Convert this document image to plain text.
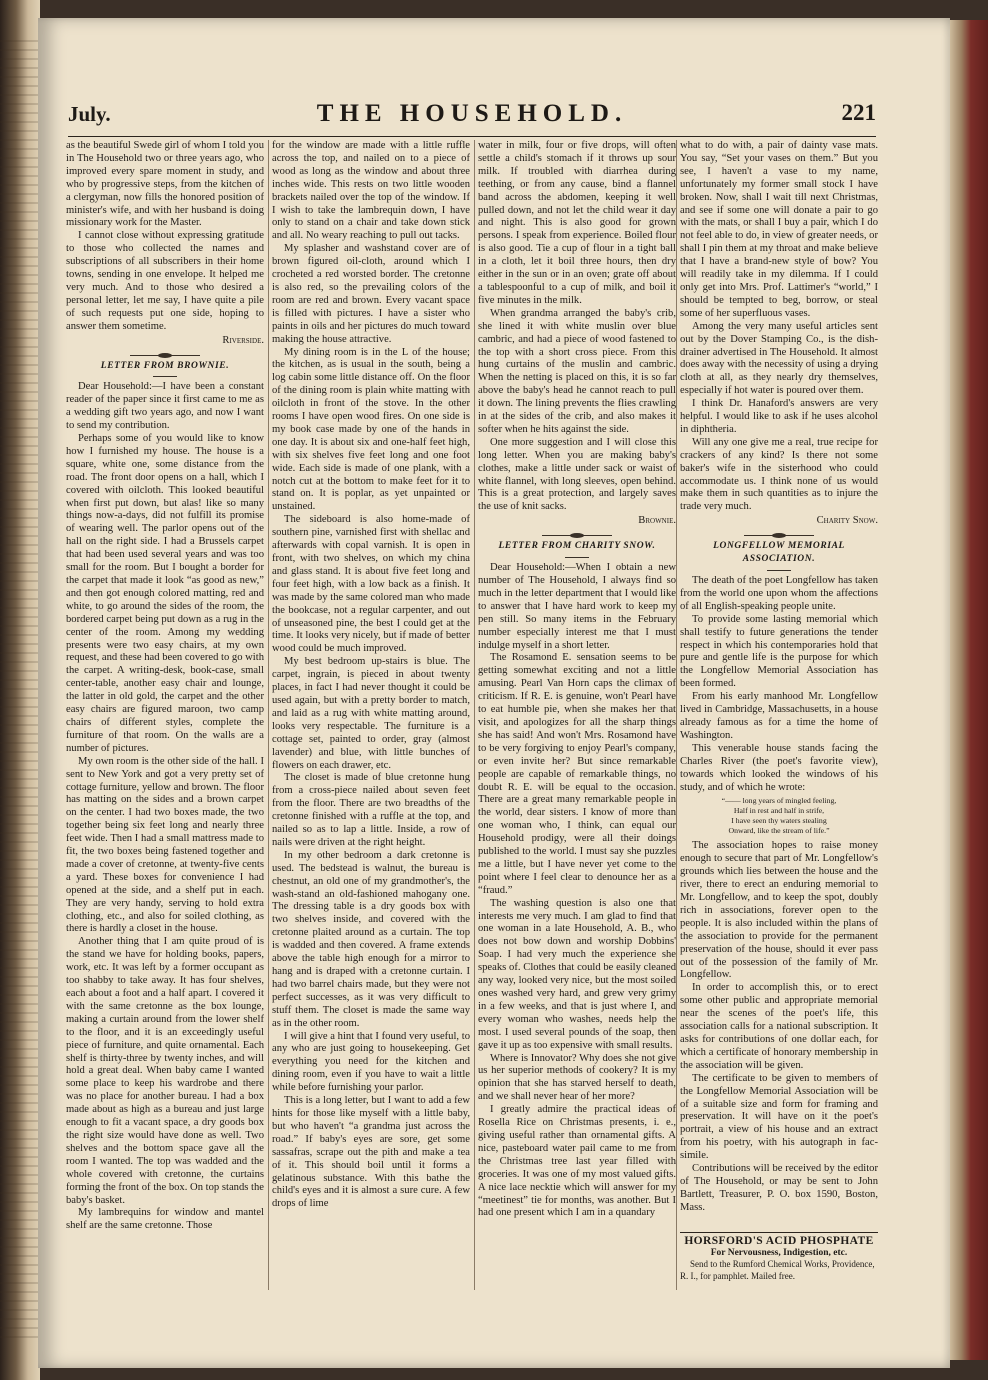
July.	THE HOUSEHOLD.	221

as the beautiful Swede girl of whom I told you in The Household two or three years ago, who improved every spare moment in study, and who by progressive steps, from the kitchen of a clergyman, now fills the honored position of minister's wife, and with her husband is doing missionary work for the Master.

I cannot close without expressing gratitude to those who collected the names and subscriptions of all subscribers in their home towns, sending in one envelope. It helped me very much. And to those who desired a personal letter, let me say, I have quite a pile of such requests put one side, hoping to answer them sometime.

Riverside.
LETTER FROM BROWNIE.

Dear Household:—I have been a constant reader of the paper since it first came to me as a wedding gift two years ago, and now I want to send my contribution.

Perhaps some of you would like to know how I furnished my house. The house is a square, white one, some distance from the road. The front door opens on a hall, which I covered with oilcloth. This looked beautiful when first put down, but alas! like so many things now-a-days, did not fulfill its promise of wearing well. The parlor opens out of the hall on the right side. I had a Brussels carpet that had been used several years and was too small for the room. But I bought a border for the carpet that made it look “as good as new,” and then got enough colored matting, red and white, to go around the sides of the room, the bordered carpet being put down as a rug in the center of the room. Among my wedding presents were two easy chairs, at my own request, and these had been covered to go with the carpet. A writing-desk, book-case, small center-table, another easy chair and lounge, the latter in old gold, the carpet and the other easy chairs are figured maroon, two camp chairs of different styles, complete the furniture of that room. On the walls are a number of pictures.

My own room is the other side of the hall. I sent to New York and got a very pretty set of cottage furniture, yellow and brown. The floor has matting on the sides and a brown carpet on the center. I had two boxes made, the two together being six feet long and nearly three feet wide. Then I had a small mattress made to fit, the two boxes being fastened together and made a cover of cretonne, at twenty-five cents a yard. These boxes for convenience I had opened at the side, and a shelf put in each. They are very handy, serving to hold extra clothing, etc., and also for soiled clothing, as there is hardly a closet in the house.

Another thing that I am quite proud of is the stand we have for holding books, papers, work, etc. It was left by a former occupant as too shabby to take away. It has four shelves, each about a foot and a half apart. I covered it with the same cretonne as the box lounge, making a curtain around from the lower shelf to the floor, and it is an exceedingly useful piece of furniture, and quite ornamental. Each shelf is thirty-three by twenty inches, and will hold a great deal. When baby came I wanted some place to keep his wardrobe and there was no place for another bureau. I had a box made about as high as a bureau and just large enough to fit a vacant space, a dry goods box the right size would have done as well. Two shelves and the bottom space gave all the room I wanted. The top was wadded and the whole covered with cretonne, the curtains forming the front of the box. On top stands the baby's basket.

My lambrequins for window and mantel shelf are the same cretonne. Those

for the window are made with a little ruffle across the top, and nailed on to a piece of wood as long as the window and about three inches wide. This rests on two little wooden brackets nailed over the top of the window. If I wish to take the lambrequin down, I have only to stand on a chair and take down stick and all. No weary reaching to pull out tacks.

My splasher and washstand cover are of brown figured oil-cloth, around which I crocheted a red worsted border. The cretonne is also red, so the prevailing colors of the room are red and brown. Every vacant space is filled with pictures. I have a sister who paints in oils and her pictures do much toward making the house attractive.

My dining room is in the L of the house; the kitchen, as is usual in the south, being a log cabin some little distance off. On the floor of the dining room is plain white matting with oilcloth in front of the stove. In the other rooms I have open wood fires. On one side is my book case made by one of the hands in one day. It is about six and one-half feet high, with six shelves five feet long and one foot wide. Each side is made of one plank, with a notch cut at the bottom to make feet for it to stand on. It is poplar, as yet unpainted or unstained.

The sideboard is also home-made of southern pine, varnished first with shellac and afterwards with copal varnish. It is open in front, with two shelves, on which my china and glass stand. It is about five feet long and four feet high, with a low back as a finish. It was made by the same colored man who made the bookcase, not a regular carpenter, and out of unseasoned pine, the best I could get at the time. It looks very nicely, but if made of better wood could be much improved.

My best bedroom up-stairs is blue. The carpet, ingrain, is pieced in about twenty places, in fact I had never thought it could be used again, but with a pretty border to match, and laid as a rug with white matting around, looks very respectable. The furniture is a cottage set, painted to order, gray (almost lavender) and blue, with little bunches of flowers on each drawer, etc.

The closet is made of blue cretonne hung from a cross-piece nailed about seven feet from the floor. There are two breadths of the cretonne finished with a ruffle at the top, and nailed so as to lap a little. Inside, a row of nails were driven at the right height.

In my other bedroom a dark cretonne is used. The bedstead is walnut, the bureau is chestnut, an old one of my grandmother's, the wash-stand an old-fashioned mahogany one. The dressing table is a dry goods box with two shelves inside, and covered with the cretonne plaited around as a curtain. The top is wadded and then covered. A frame extends above the table high enough for a mirror to hang and is draped with a cretonne curtain. I had two barrel chairs made, but they were not perfect successes, as it was very difficult to stuff them. The closet is made the same way as in the other room.

I will give a hint that I found very useful, to any who are just going to housekeeping. Get everything you need for the kitchen and dining room, even if you have to wait a little while before furnishing your parlor.

This is a long letter, but I want to add a few hints for those like myself with a little baby, but who haven't “a grandma just across the road.” If baby's eyes are sore, get some sassafras, scrape out the pith and make a tea of it. This should boil until it forms a gelatinous substance. With this bathe the child's eyes and it is almost a sure cure. A few drops of lime

water in milk, four or five drops, will often settle a child's stomach if it throws up sour milk. If troubled with diarrhea during teething, or from any cause, bind a flannel band across the abdomen, keeping it well pulled down, and not let the child wear it day and night. This is also good for grown persons. I speak from experience. Boiled flour is also good. Tie a cup of flour in a tight ball in a cloth, let it boil three hours, then dry either in the sun or in an oven; grate off about a tablespoonful to a cup of milk, and boil it five minutes in the milk.

When grandma arranged the baby's crib, she lined it with white muslin over blue cambric, and had a piece of wood fastened to the top with a short cross piece. From this hung curtains of the muslin and cambric. When the netting is placed on this, it is so far above the baby's head he cannot reach to pull it down. The lining prevents the flies crawling in at the sides of the crib, and also makes it softer when he hits against the side.

One more suggestion and I will close this long letter. When you are making baby's clothes, make a little under sack or waist of white flannel, with long sleeves, open behind. This is a great protection, and largely saves the use of knit sacks.

Brownie.
LETTER FROM CHARITY SNOW.

Dear Household:—When I obtain a new number of The Household, I always find so much in the letter department that I would like to answer that I have hard work to keep my pen still. So many items in the February number especially interest me that I must indulge myself in a short letter.

The Rosamond E. sensation seems to be getting somewhat exciting and not a little amusing. Pearl Van Horn caps the climax of criticism. If R. E. is genuine, won't Pearl have to eat humble pie, when she makes her that visit, and apologizes for all the sharp things she has said! And won't Mrs. Rosamond have to be very forgiving to enjoy Pearl's company, or even invite her? But since remarkable people are capable of remarkable things, no doubt R. E. will be equal to the occasion. There are a great many remarkable people in the world, dear sisters. I know of more than one woman who, I think, can equal our Household prodigy, were all their doings published to the world. I must say she puzzles me a little, but I have never yet come to the point where I feel clear to denounce her as a “fraud.”

The washing question is also one that interests me very much. I am glad to find that one woman in a late Household, A. B., who does not bow down and worship Dobbins' Soap. I had very much the experience she speaks of. Clothes that could be easily cleaned any way, looked very nice, but the most soiled ones washed very hard, and grew very grimy in a few weeks, and that is just where I, and every woman who washes, needs help the most. I used several pounds of the soap, then gave it up as too expensive with small results.

Where is Innovator? Why does she not give us her superior methods of cookery? It is my opinion that she has starved herself to death, and we shall never hear of her more?

I greatly admire the practical ideas of Rosella Rice on Christmas presents, i. e., giving useful rather than ornamental gifts. A nice, pasteboard water pail came to me from the Christmas tree last year filled with groceries. It was one of my most valued gifts. A nice lace necktie which will answer for my “meetinest” tie for months, was another. But I had one present which I am in a quandary

what to do with, a pair of dainty vase mats. You say, “Set your vases on them.” But you see, I haven't a vase to my name, unfortunately my former small stock I have broken. Now, shall I wait till next Christmas, and see if some one will donate a pair to go with the mats, or shall I buy a pair, which I do not feel able to do, in view of greater needs, or shall I pin them at my throat and make believe that I have a brand-new style of bow? You will readily take in my dilemma. If I could only get into Mrs. Prof. Lattimer's “world,” I should be tempted to beg, borrow, or steal some of her superfluous vases.

Among the very many useful articles sent out by the Dover Stamping Co., is the dish-drainer advertised in The Household. It almost does away with the necessity of using a drying cloth at all, as they nearly dry themselves, especially if hot water is poured over them.

I think Dr. Hanaford's answers are very helpful. I would like to ask if he uses alcohol in diphtheria.

Will any one give me a real, true recipe for crackers of any kind? Is there not some baker's wife in the sisterhood who could accommodate us. I think none of us would make them in such quantities as to injure the trade very much.

Charity Snow.
LONGFELLOW MEMORIAL ASSOCIATION.

The death of the poet Longfellow has taken from the world one upon whom the affections of all English-speaking people unite.

To provide some lasting memorial which shall testify to future generations the tender respect in which his contemporaries hold that pure and gentle life is the purpose for which the Longfellow Memorial Association has been formed.

From his early manhood Mr. Longfellow lived in Cambridge, Massachusetts, in a house already famous as for a time the home of Washington.

This venerable house stands facing the Charles River (the poet's favorite view), towards which looked the windows of his study, and of which he wrote:

“—— long years of mingled feeling,
Half in rest and half in strife,
I have seen thy waters stealing
Onward, like the stream of life.”

The association hopes to raise money enough to secure that part of Mr. Longfellow's grounds which lies between the house and the river, there to erect an enduring memorial to Mr. Longfellow, and to keep the spot, doubly rich in associations, forever open to the people. It is also included within the plans of the association to provide for the permanent preservation of the house, should it ever pass out of the possession of the family of Mr. Longfellow.

In order to accomplish this, or to erect some other public and appropriate memorial near the scenes of the poet's life, this association calls for a national subscription. It asks for contributions of one dollar each, for which a certificate of honorary membership in the association will be given.

The certificate to be given to members of the Longfellow Memorial Association will be of a suitable size and form for framing and preservation. It will have on it the poet's portrait, a view of his house and an extract from his poetry, with his autograph in fac-simile.

Contributions will be received by the editor of The Household, or may be sent to John Bartlett, Treasurer, P. O. box 1590, Boston, Mass.

HORSFORD'S ACID PHOSPHATE
For Nervousness, Indigestion, etc.
Send to the Rumford Chemical Works, Providence, R. I., for pamphlet. Mailed free.
